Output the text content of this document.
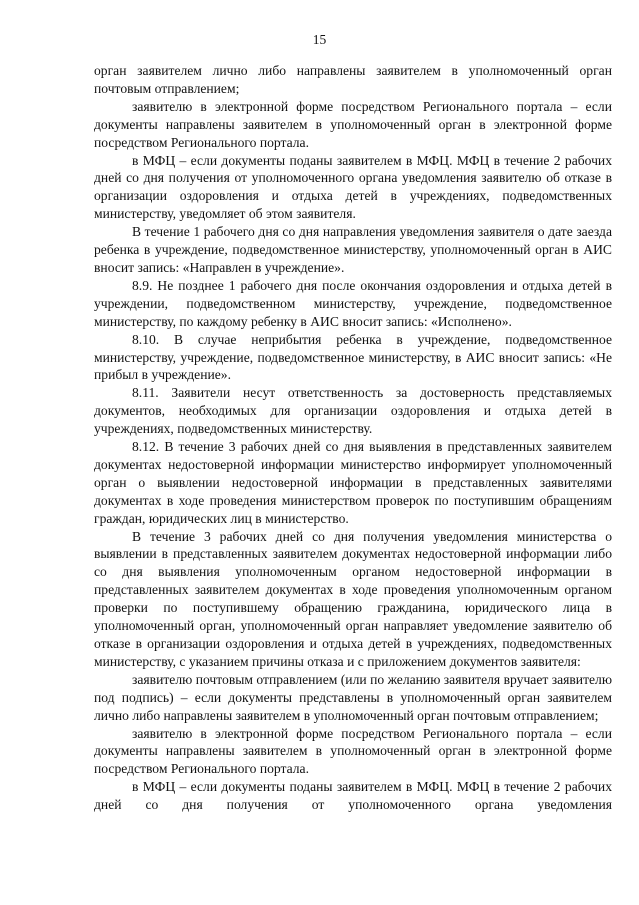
15

орган заявителем лично либо направлены заявителем в уполномоченный орган почтовым отправлением;

заявителю в электронной форме посредством Регионального портала – если документы направлены заявителем в уполномоченный орган в электронной форме посредством Регионального портала.

в МФЦ – если документы поданы заявителем в МФЦ. МФЦ в течение 2 рабочих дней со дня получения от уполномоченного органа уведомления заявителю об отказе в организации оздоровления и отдыха детей в учреждениях, подведомственных министерству, уведомляет об этом заявителя.

В течение 1 рабочего дня со дня направления уведомления заявителя о дате заезда ребенка в учреждение, подведомственное министерству, уполномоченный орган в АИС вносит запись: «Направлен в учреждение».

8.9. Не позднее 1 рабочего дня после окончания оздоровления и отдыха детей в учреждении, подведомственном министерству, учреждение, подведомственное министерству, по каждому ребенку в АИС вносит запись: «Исполнено».

8.10. В случае неприбытия ребенка в учреждение, подведомственное министерству, учреждение, подведомственное министерству, в АИС вносит запись: «Не прибыл в учреждение».

8.11. Заявители несут ответственность за достоверность представляемых документов, необходимых для организации оздоровления и отдыха детей в учреждениях, подведомственных министерству.

8.12. В течение 3 рабочих дней со дня выявления в представленных заявителем документах недостоверной информации министерство информирует уполномоченный орган о выявлении недостоверной информации в представленных заявителями документах в ходе проведения министерством проверок по поступившим обращениям граждан, юридических лиц в министерство.

В течение 3 рабочих дней со дня получения уведомления министерства о выявлении в представленных заявителем документах недостоверной информации либо со дня выявления уполномоченным органом недостоверной информации в представленных заявителем документах в ходе проведения уполномоченным органом проверки по поступившему обращению гражданина, юридического лица в уполномоченный орган, уполномоченный орган направляет уведомление заявителю об отказе в организации оздоровления и отдыха детей в учреждениях, подведомственных министерству, с указанием причины отказа и с приложением документов заявителя:

заявителю почтовым отправлением (или по желанию заявителя вручает заявителю под подпись) – если документы представлены в уполномоченный орган заявителем лично либо направлены заявителем в уполномоченный орган почтовым отправлением;

заявителю в электронной форме посредством Регионального портала – если документы направлены заявителем в уполномоченный орган в электронной форме посредством Регионального портала.

в МФЦ – если документы поданы заявителем в МФЦ. МФЦ в течение 2 рабочих дней со дня получения от уполномоченного органа уведомления
